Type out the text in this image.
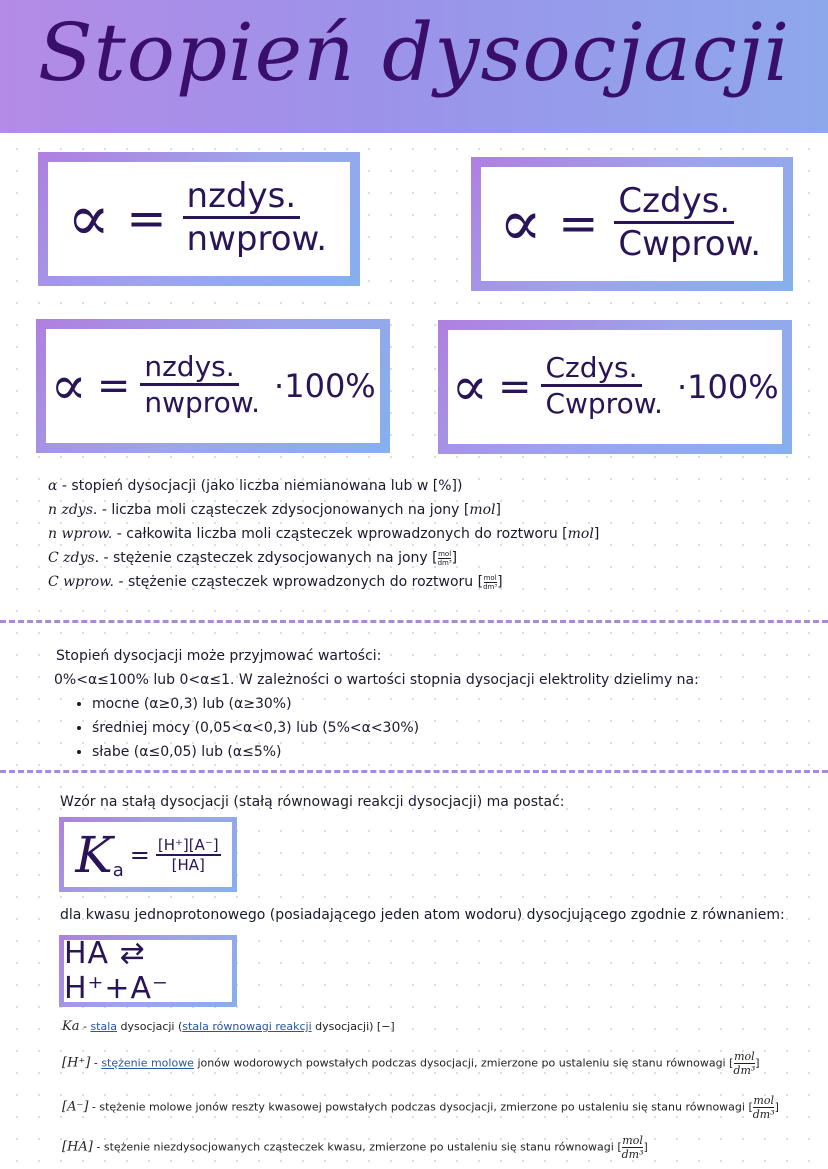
Stopień dysocjacji
∝ = $\frac{\text{nzdys.}}{\text{nwprow.}}$	∝ = $\frac{\text{Czdys.}}{\text{Cwprow.}}$
∝ = $\frac{\text{nzdys.}}{\text{nwprow.}} \cdot 100\%$ ∝ = $\frac{\text{Czdys.}}{\text{Cwprow.}} \cdot 100\%$
α - stopień dysocjacji (jako liczba niemianowana lub w [%])
n zdys. - liczba moli cząsteczek zdysocjonowanych na jony [mol]
n wprow. - całkowita liczba moli cząsteczek wprowadzonych do roztworu [mol]
C zdys. - stężenie cząsteczek zdysocjowanych na jony [ mol
dm³ ]
C wprow. - stężenie cząsteczek wprowadzonych do roztworu [ mol
dm³ ]
Stopień dysocjacji może przyjmować wartości:
0%<α≤100% lub 0<α≤1. W zależności o wartości stopnia dysocjacji elektrolity dzielimy na:
• mocne (α≥0,3) lub (α≥30%)
• średniej mocy (0,05<α<0,3) lub (5%<α<30%)
• słabe (α≤0,05) lub (α≤5%)
Wzór na stałą dysocjacji (stałą równowagi reakcji dysocjacji) ma postać:
K a
= $\frac{[H^+][A^-]}{[HA]}$
dla kwasu jednoprotonowego (posiadającego jeden atom wodoru) dysocjującego zgodnie z równaniem:
HA ⇄ H⁺+A⁻
Ka - stala dysocjacji (stala równowagi reakcji dysocjacji) [−]
[H⁺] - stężenie molowe jonów wodorowych powstałych podczas dysocjacji, zmierzone po ustaleniu się stanu równowagi [ mol
dm³
]
[A⁻] - stężenie molowe jonów reszty kwasowej powstałych podczas dysocjacji, zmierzone po ustaleniu się stanu równowagi [ mol
dm³
]
[HA] - stężenie niezdysocjowanych cząsteczek kwasu, zmierzone po ustaleniu się stanu równowagi [ mol
dm³
]
